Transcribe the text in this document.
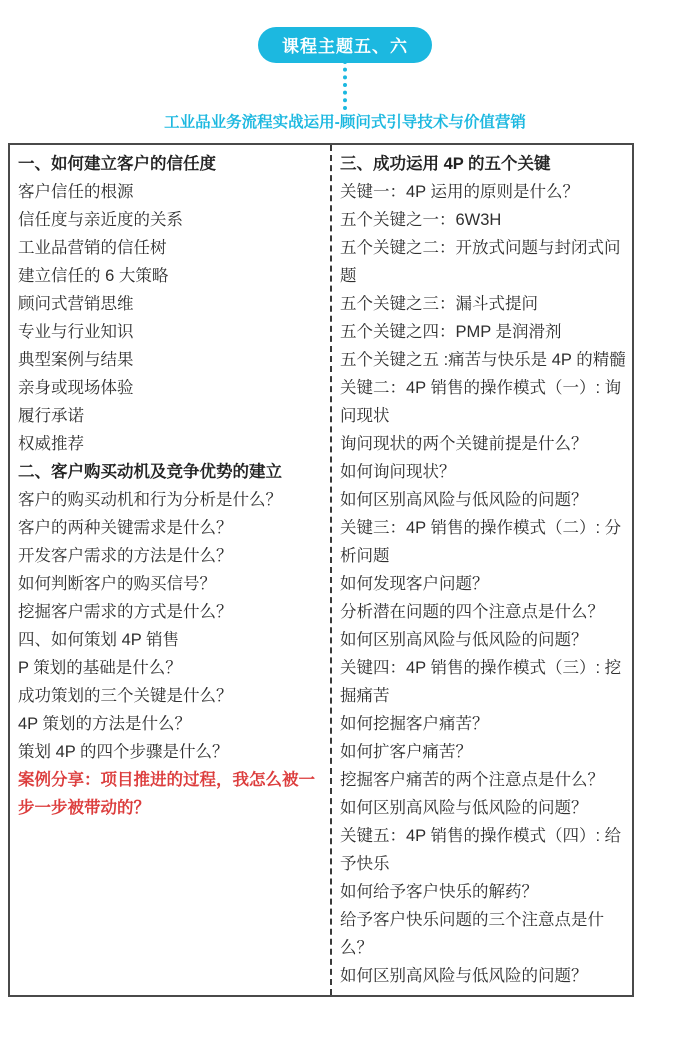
课程主题五、六
工业品业务流程实战运用-顾问式引导技术与价值营销
一、如何建立客户的信任度
客户信任的根源
信任度与亲近度的关系
工业品营销的信任树
建立信任的 6 大策略
顾问式营销思维
专业与行业知识
典型案例与结果
亲身或现场体验
履行承诺
权威推荐
二、客户购买动机及竞争优势的建立
客户的购买动机和行为分析是什么？
客户的两种关键需求是什么？
开发客户需求的方法是什么？
如何判断客户的购买信号？
挖掘客户需求的方式是什么？
四、如何策划 4P 销售
P 策划的基础是什么？
成功策划的三个关键是什么？
4P 策划的方法是什么？
策划 4P 的四个步骤是什么？
案例分享：项目推进的过程，我怎么被一步一步被带动的？
三、成功运用 4P 的五个关键
关键一：4P 运用的原则是什么？
五个关键之一：6W3H
五个关键之二：开放式问题与封闭式问题
五个关键之三：漏斗式提问
五个关键之四：PMP 是润滑剂
五个关键之五 :痛苦与快乐是 4P 的精髓
关键二：4P 销售的操作模式（一）: 询问现状
询问现状的两个关键前提是什么？
如何询问现状？
如何区别高风险与低风险的问题？
关键三：4P 销售的操作模式（二）: 分析问题
如何发现客户问题？
分析潜在问题的四个注意点是什么？
如何区别高风险与低风险的问题？
关键四：4P 销售的操作模式（三）: 挖掘痛苦
如何挖掘客户痛苦？
如何扩客户痛苦？
挖掘客户痛苦的两个注意点是什么？
如何区别高风险与低风险的问题？
关键五：4P 销售的操作模式（四）: 给予快乐
如何给予客户快乐的解药？
给予客户快乐问题的三个注意点是什么？
如何区别高风险与低风险的问题？
